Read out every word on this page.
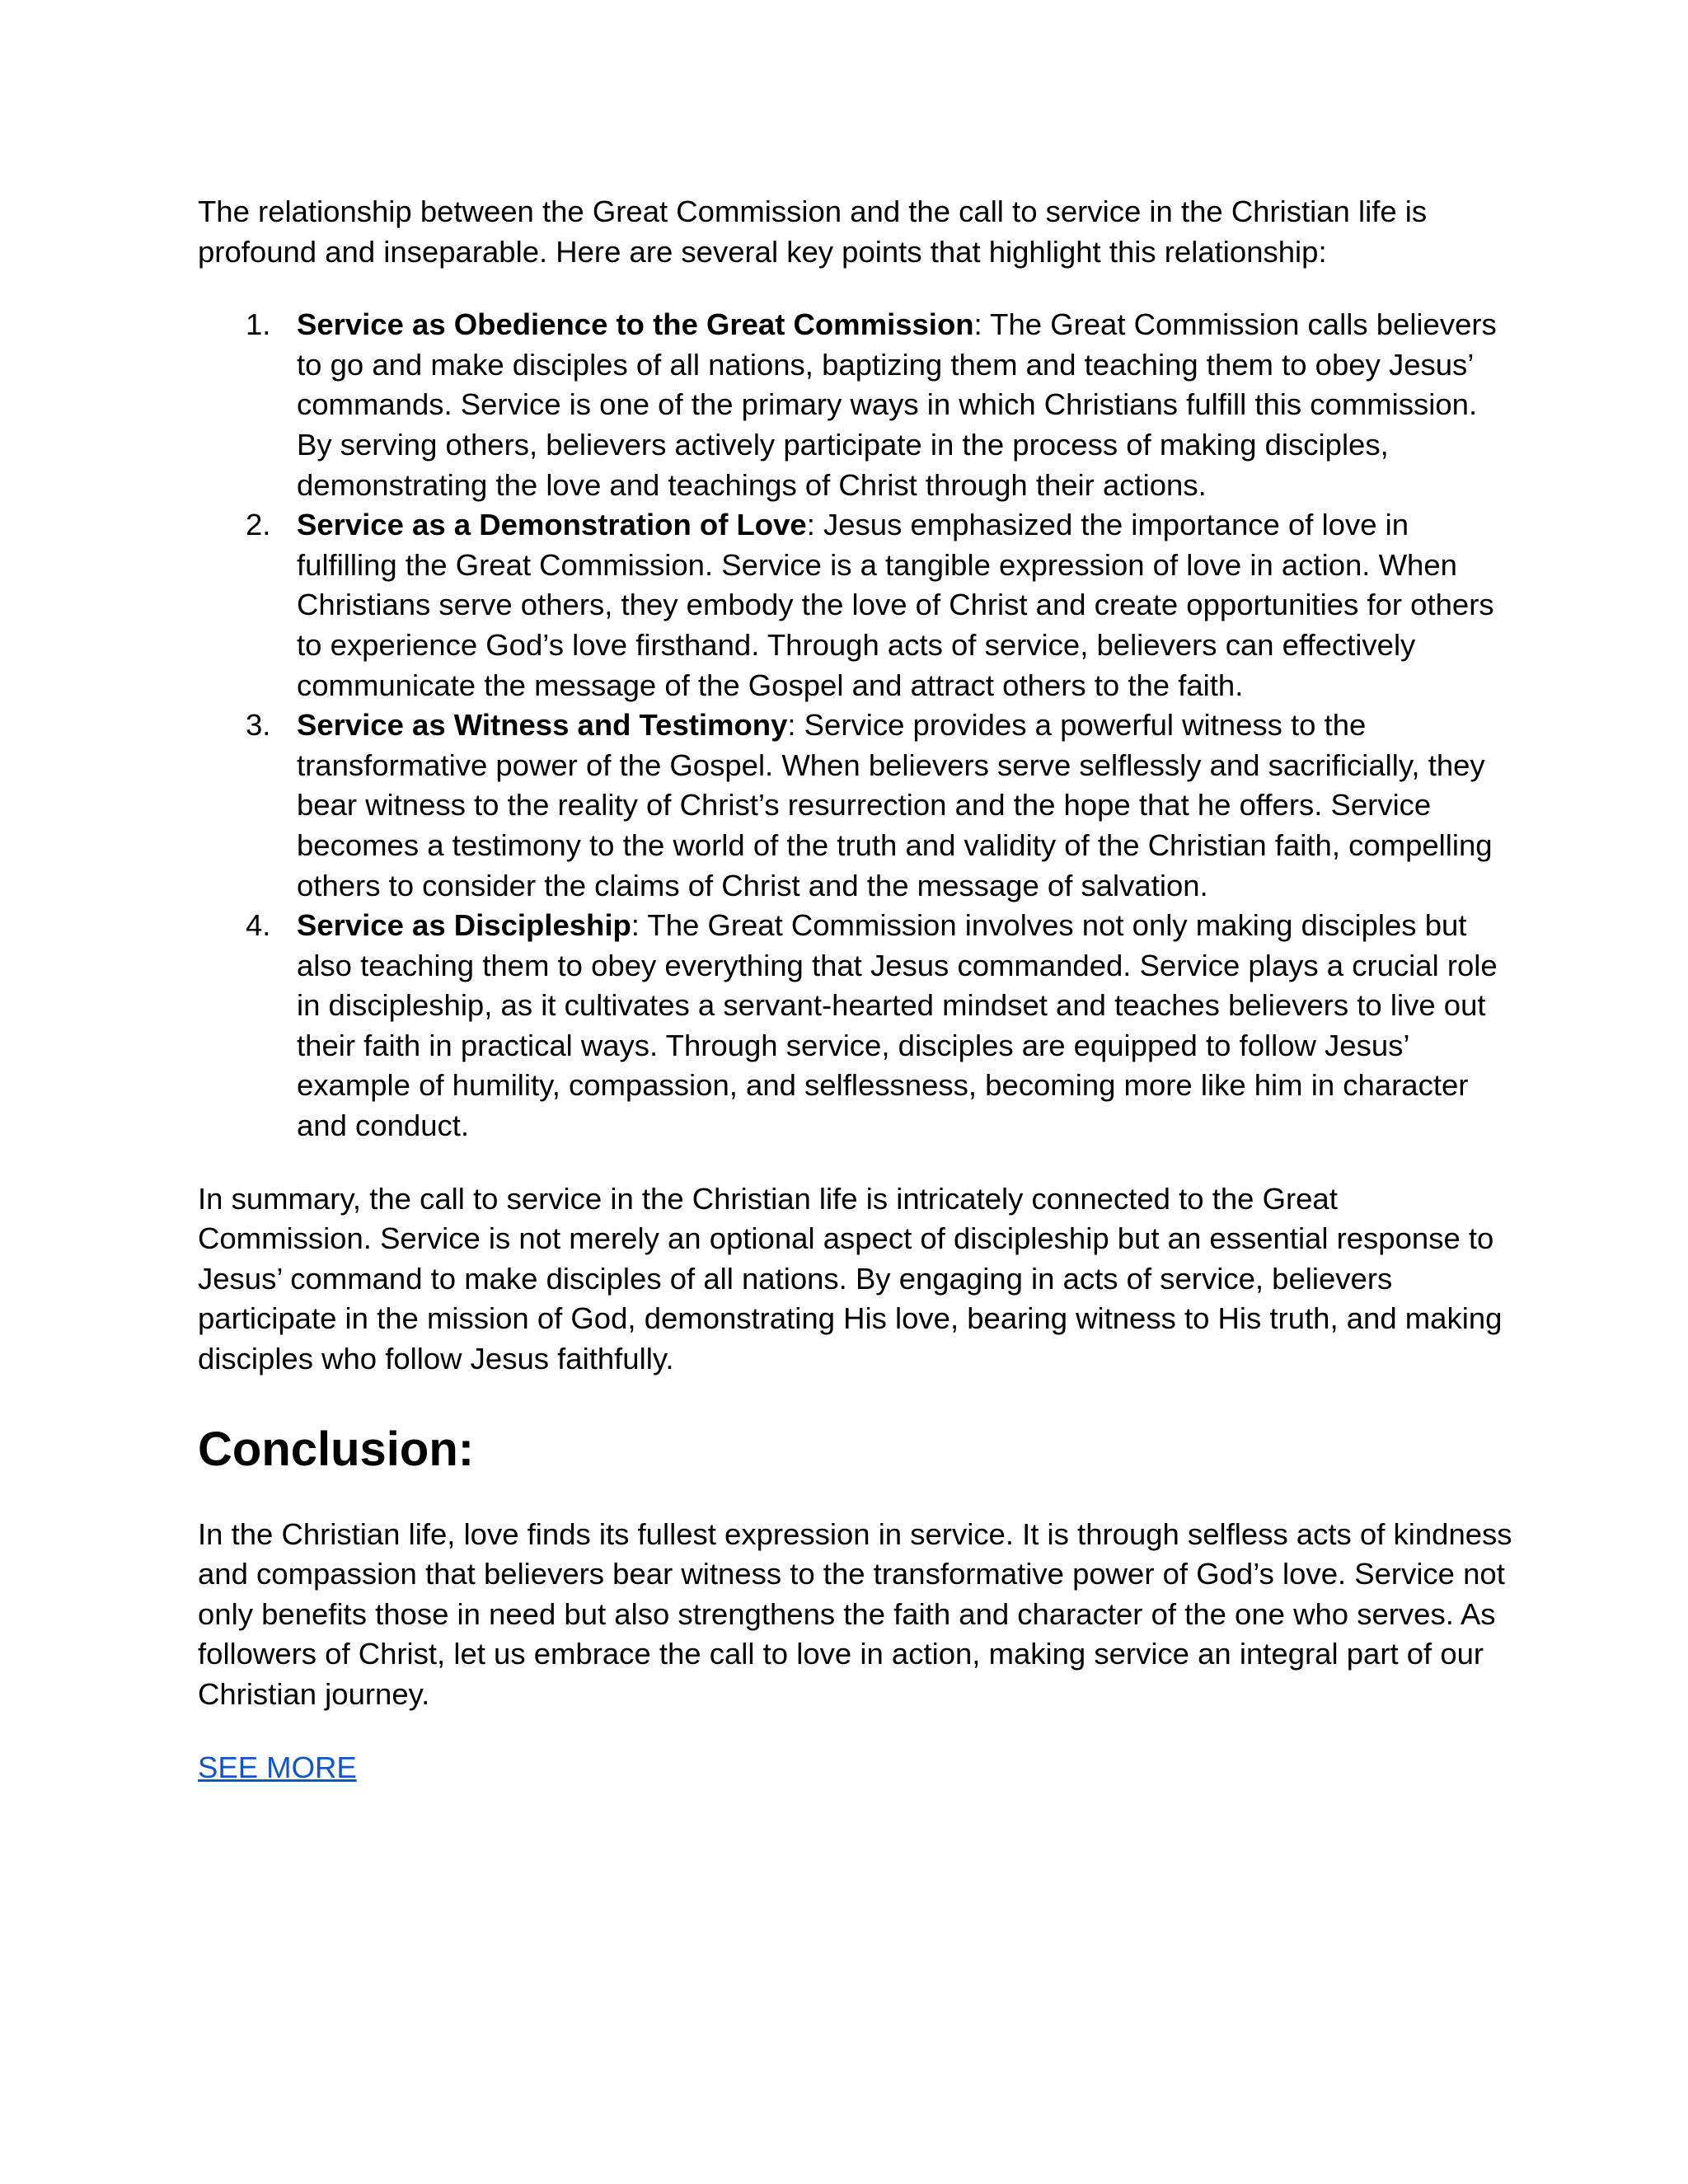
The relationship between the Great Commission and the call to service in the Christian life is profound and inseparable. Here are several key points that highlight this relationship:

1. Service as Obedience to the Great Commission: The Great Commission calls believers to go and make disciples of all nations, baptizing them and teaching them to obey Jesus’ commands. Service is one of the primary ways in which Christians fulfill this commission. By serving others, believers actively participate in the process of making disciples, demonstrating the love and teachings of Christ through their actions.
2. Service as a Demonstration of Love: Jesus emphasized the importance of love in fulfilling the Great Commission. Service is a tangible expression of love in action. When Christians serve others, they embody the love of Christ and create opportunities for others to experience God’s love firsthand. Through acts of service, believers can effectively communicate the message of the Gospel and attract others to the faith.
3. Service as Witness and Testimony: Service provides a powerful witness to the transformative power of the Gospel. When believers serve selflessly and sacrificially, they bear witness to the reality of Christ’s resurrection and the hope that he offers. Service becomes a testimony to the world of the truth and validity of the Christian faith, compelling others to consider the claims of Christ and the message of salvation.
4. Service as Discipleship: The Great Commission involves not only making disciples but also teaching them to obey everything that Jesus commanded. Service plays a crucial role in discipleship, as it cultivates a servant-hearted mindset and teaches believers to live out their faith in practical ways. Through service, disciples are equipped to follow Jesus’ example of humility, compassion, and selflessness, becoming more like him in character and conduct.

In summary, the call to service in the Christian life is intricately connected to the Great Commission. Service is not merely an optional aspect of discipleship but an essential response to Jesus’ command to make disciples of all nations. By engaging in acts of service, believers participate in the mission of God, demonstrating His love, bearing witness to His truth, and making disciples who follow Jesus faithfully.

Conclusion:

In the Christian life, love finds its fullest expression in service. It is through selfless acts of kindness and compassion that believers bear witness to the transformative power of God’s love. Service not only benefits those in need but also strengthens the faith and character of the one who serves. As followers of Christ, let us embrace the call to love in action, making service an integral part of our Christian journey.

SEE MORE
